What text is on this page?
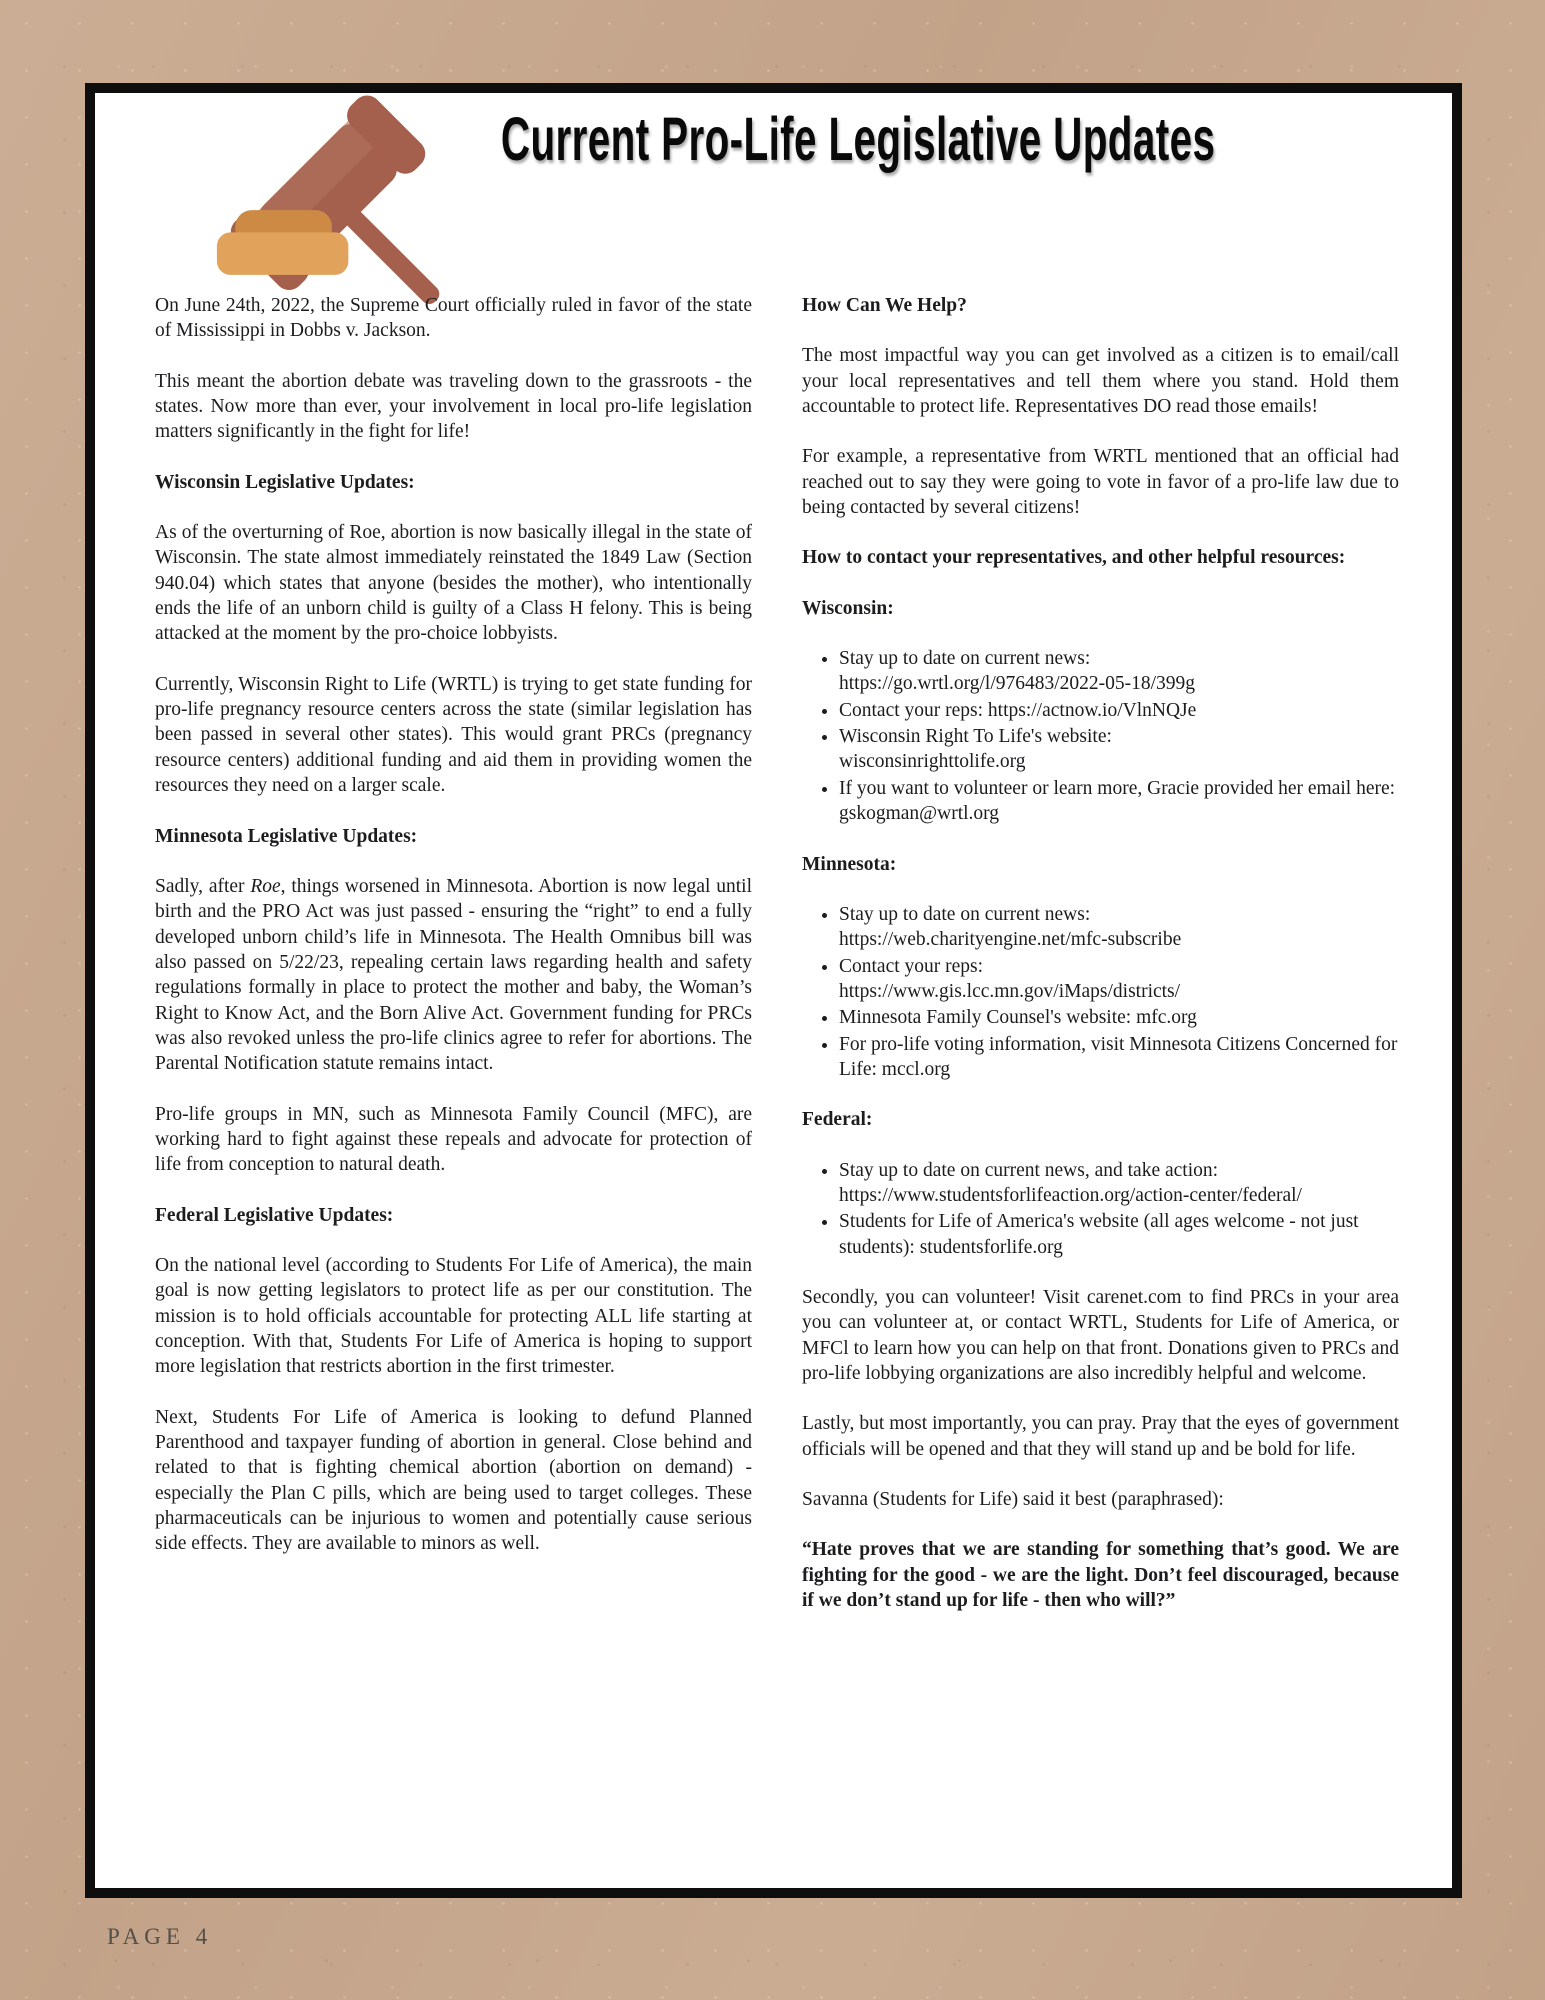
Current Pro-Life Legislative Updates

On June 24th, 2022, the Supreme Court officially ruled in favor of the state of Mississippi in Dobbs v. Jackson.

This meant the abortion debate was traveling down to the grassroots - the states. Now more than ever, your involvement in local pro-life legislation matters significantly in the fight for life!

Wisconsin Legislative Updates:

As of the overturning of Roe, abortion is now basically illegal in the state of Wisconsin. The state almost immediately reinstated the 1849 Law (Section 940.04) which states that anyone (besides the mother), who intentionally ends the life of an unborn child is guilty of a Class H felony. This is being attacked at the moment by the pro-choice lobbyists.

Currently, Wisconsin Right to Life (WRTL) is trying to get state funding for pro-life pregnancy resource centers across the state (similar legislation has been passed in several other states). This would grant PRCs (pregnancy resource centers) additional funding and aid them in providing women the resources they need on a larger scale.

Minnesota Legislative Updates:

Sadly, after Roe, things worsened in Minnesota. Abortion is now legal until birth and the PRO Act was just passed - ensuring the “right” to end a fully developed unborn child’s life in Minnesota. The Health Omnibus bill was also passed on 5/22/23, repealing certain laws regarding health and safety regulations formally in place to protect the mother and baby, the Woman’s Right to Know Act, and the Born Alive Act. Government funding for PRCs was also revoked unless the pro-life clinics agree to refer for abortions. The Parental Notification statute remains intact.

Pro-life groups in MN, such as Minnesota Family Council (MFC), are working hard to fight against these repeals and advocate for protection of life from conception to natural death.

Federal Legislative Updates:

On the national level (according to Students For Life of America), the main goal is now getting legislators to protect life as per our constitution. The mission is to hold officials accountable for protecting ALL life starting at conception. With that, Students For Life of America is hoping to support more legislation that restricts abortion in the first trimester.

Next, Students For Life of America is looking to defund Planned Parenthood and taxpayer funding of abortion in general. Close behind and related to that is fighting chemical abortion (abortion on demand) - especially the Plan C pills, which are being used to target colleges. These pharmaceuticals can be injurious to women and potentially cause serious side effects. They are available to minors as well.

How Can We Help?

The most impactful way you can get involved as a citizen is to email/call your local representatives and tell them where you stand. Hold them accountable to protect life. Representatives DO read those emails!

For example, a representative from WRTL mentioned that an official had reached out to say they were going to vote in favor of a pro-life law due to being contacted by several citizens!

How to contact your representatives, and other helpful resources:

Wisconsin:

• Stay up to date on current news:
https://go.wrtl.org/l/976483/2022-05-18/399g
• Contact your reps: https://actnow.io/VlnNQJe
• Wisconsin Right To Life's website:
wisconsinrighttolife.org
• If you want to volunteer or learn more, Gracie provided her email here: gskogman@wrtl.org

Minnesota:

• Stay up to date on current news:
https://web.charityengine.net/mfc-subscribe
• Contact your reps:
https://www.gis.lcc.mn.gov/iMaps/districts/
• Minnesota Family Counsel's website: mfc.org
• For pro-life voting information, visit Minnesota Citizens Concerned for Life: mccl.org

Federal:

• Stay up to date on current news, and take action:
https://www.studentsforlifeaction.org/action-center/federal/
• Students for Life of America's website (all ages welcome - not just students): studentsforlife.org

Secondly, you can volunteer! Visit carenet.com to find PRCs in your area you can volunteer at, or contact WRTL, Students for Life of America, or MFCl to learn how you can help on that front. Donations given to PRCs and pro-life lobbying organizations are also incredibly helpful and welcome.

Lastly, but most importantly, you can pray. Pray that the eyes of government officials will be opened and that they will stand up and be bold for life.

Savanna (Students for Life) said it best (paraphrased):

“Hate proves that we are standing for something that’s good. We are fighting for the good - we are the light. Don’t feel discouraged, because if we don’t stand up for life - then who will?”

PAGE 4
